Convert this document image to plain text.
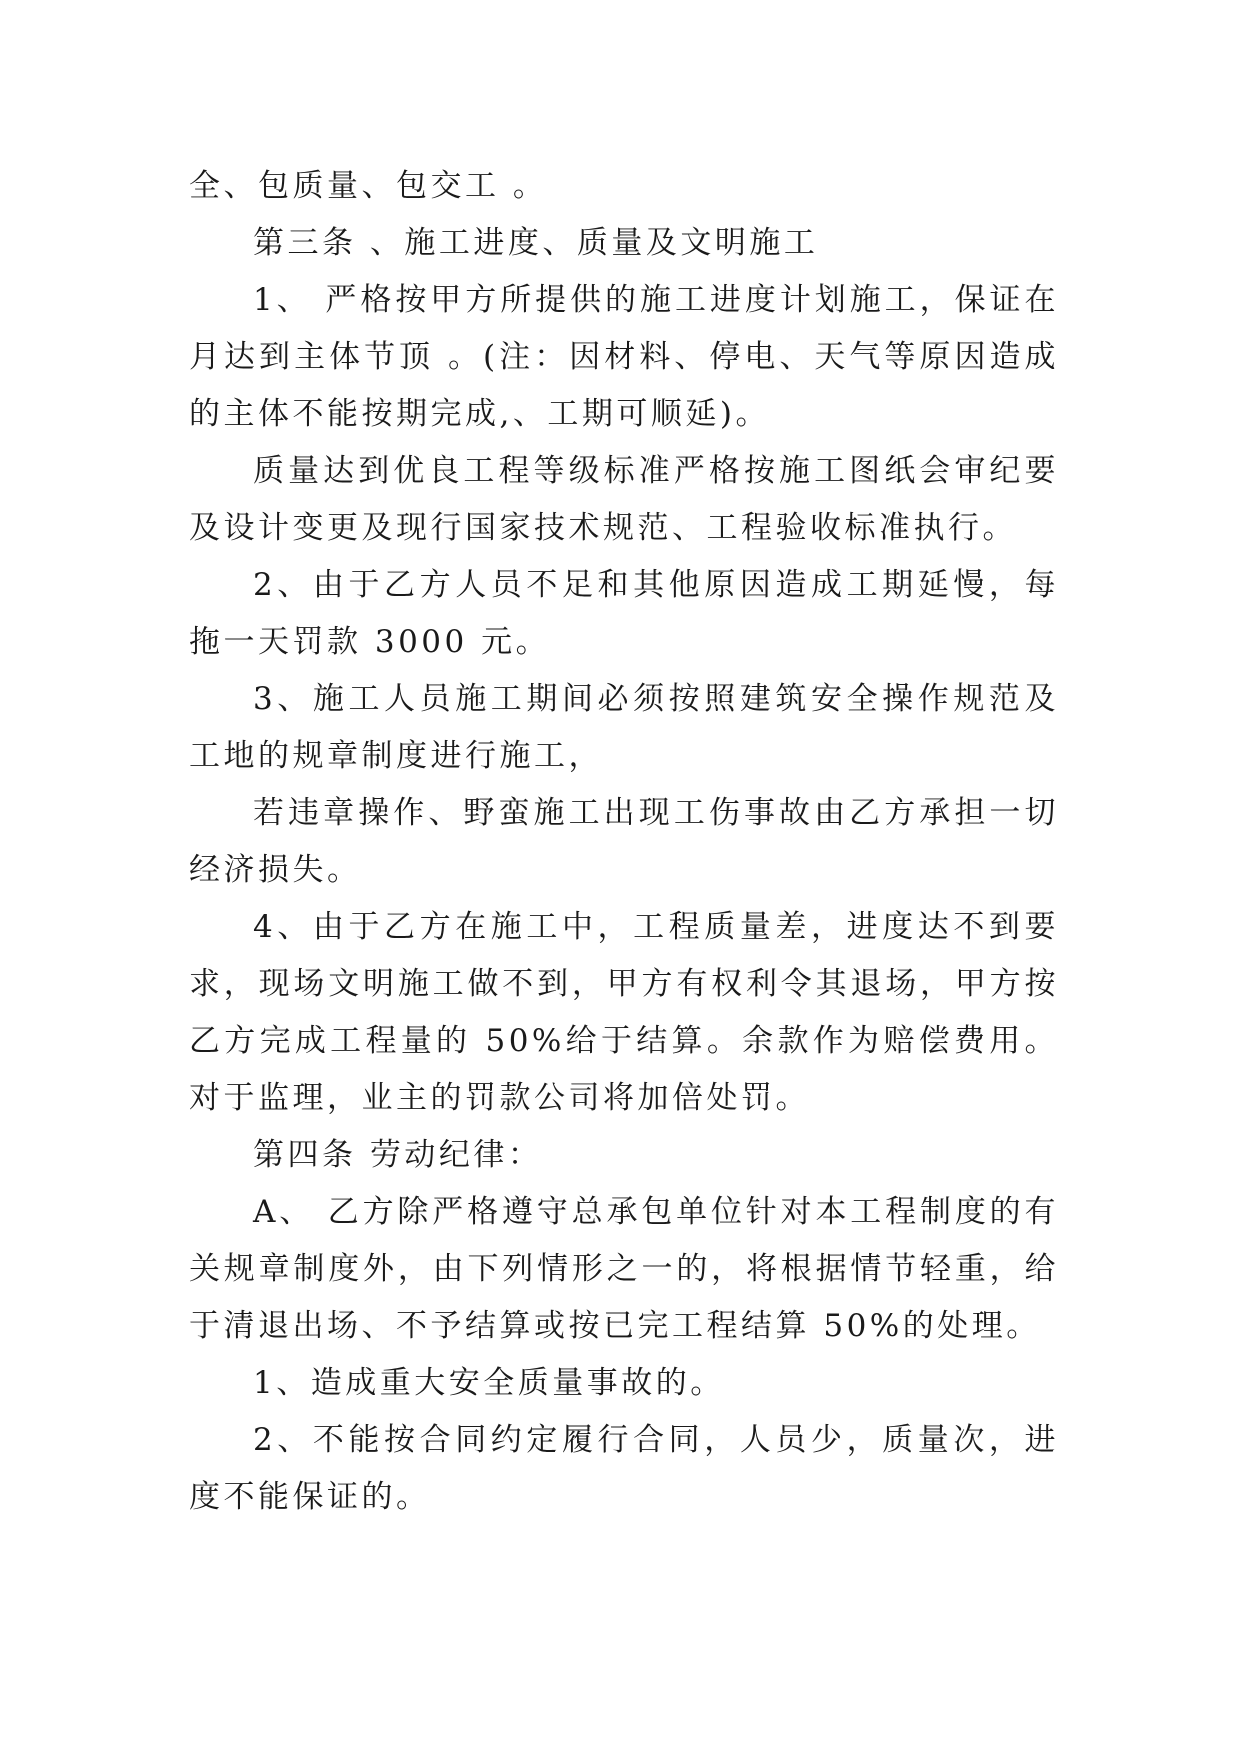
全、包质量、包交工 。

第三条 、施工进度、质量及文明施工

1、 严格按甲方所提供的施工进度计划施工，保证在月达到主体节顶 。(注：因材料、停电、天气等原因造成的主体不能按期完成,、工期可顺延)。

质量达到优良工程等级标准严格按施工图纸会审纪要及设计变更及现行国家技术规范、工程验收标准执行。

2、由于乙方人员不足和其他原因造成工期延慢，每拖一天罚款 3000 元。

3、施工人员施工期间必须按照建筑安全操作规范及工地的规章制度进行施工，

若违章操作、野蛮施工出现工伤事故由乙方承担一切经济损失。

4、由于乙方在施工中，工程质量差，进度达不到要求，现场文明施工做不到，甲方有权利令其退场，甲方按乙方完成工程量的 50%给于结算。余款作为赔偿费用。对于监理，业主的罚款公司将加倍处罚。

第四条 劳动纪律：

A、 乙方除严格遵守总承包单位针对本工程制度的有关规章制度外，由下列情形之一的，将根据情节轻重，给于清退出场、不予结算或按已完工程结算 50%的处理。

1、造成重大安全质量事故的。

2、不能按合同约定履行合同，人员少，质量次，进度不能保证的。
